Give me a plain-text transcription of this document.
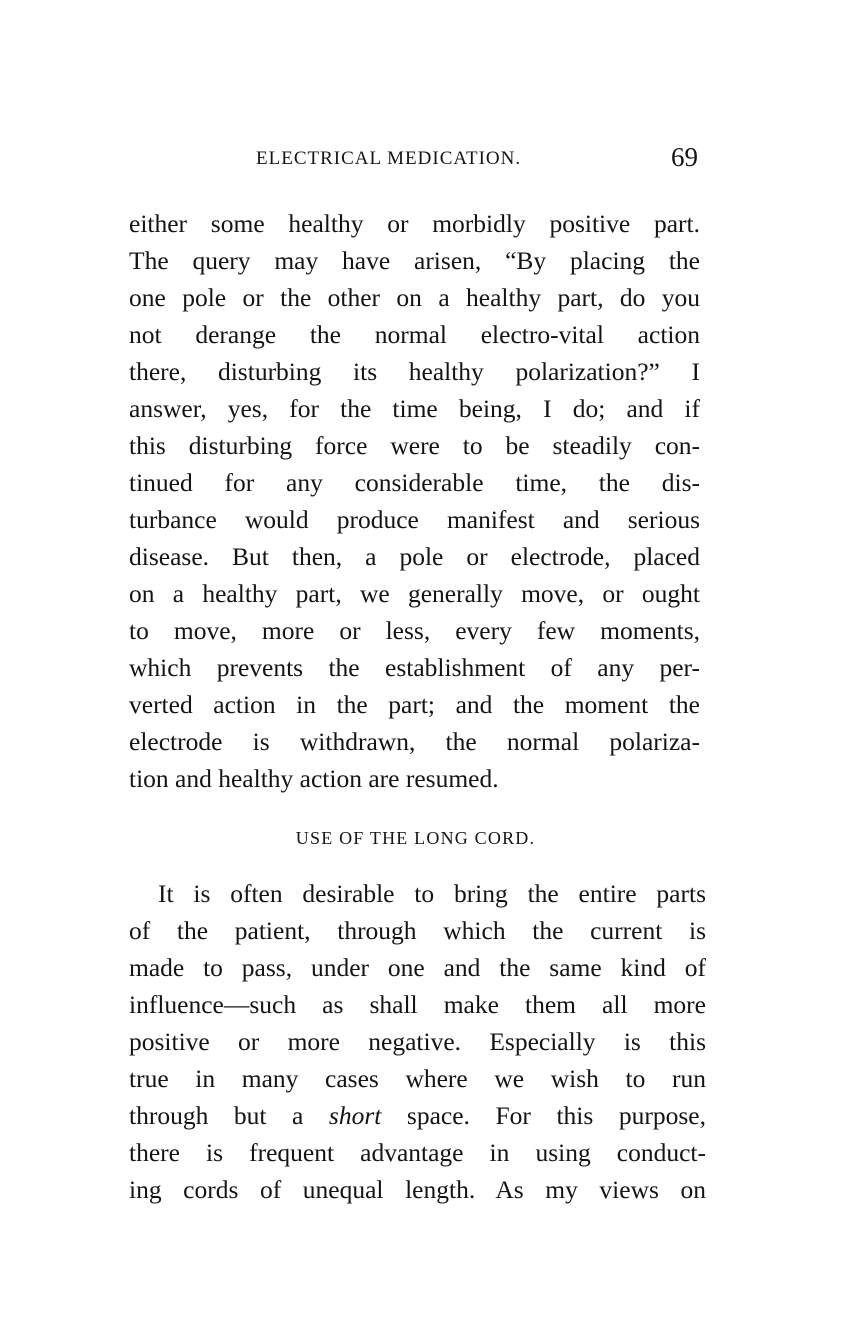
ELECTRICAL MEDICATION.	69
either some healthy or morbidly positive part.
The query may have arisen, “By placing the
one pole or the other on a healthy part, do you
not derange the normal electro-vital action
there, disturbing its healthy polarization?” I
answer, yes, for the time being, I do; and if
this disturbing force were to be steadily con-
tinued for any considerable time, the dis-
turbance would produce manifest and serious
disease. But then, a pole or electrode, placed
on a healthy part, we generally move, or ought
to move, more or less, every few moments,
which prevents the establishment of any per-
verted action in the part; and the moment the
electrode is withdrawn, the normal polariza-
tion and healthy action are resumed.
USE OF THE LONG CORD.
It is often desirable to bring the entire parts
of the patient, through which the current is
made to pass, under one and the same kind of
influence—such as shall make them all more
positive or more negative. Especially is this
true in many cases where we wish to run
through but a short space. For this purpose,
there is frequent advantage in using conduct-
ing cords of unequal length. As my views on
